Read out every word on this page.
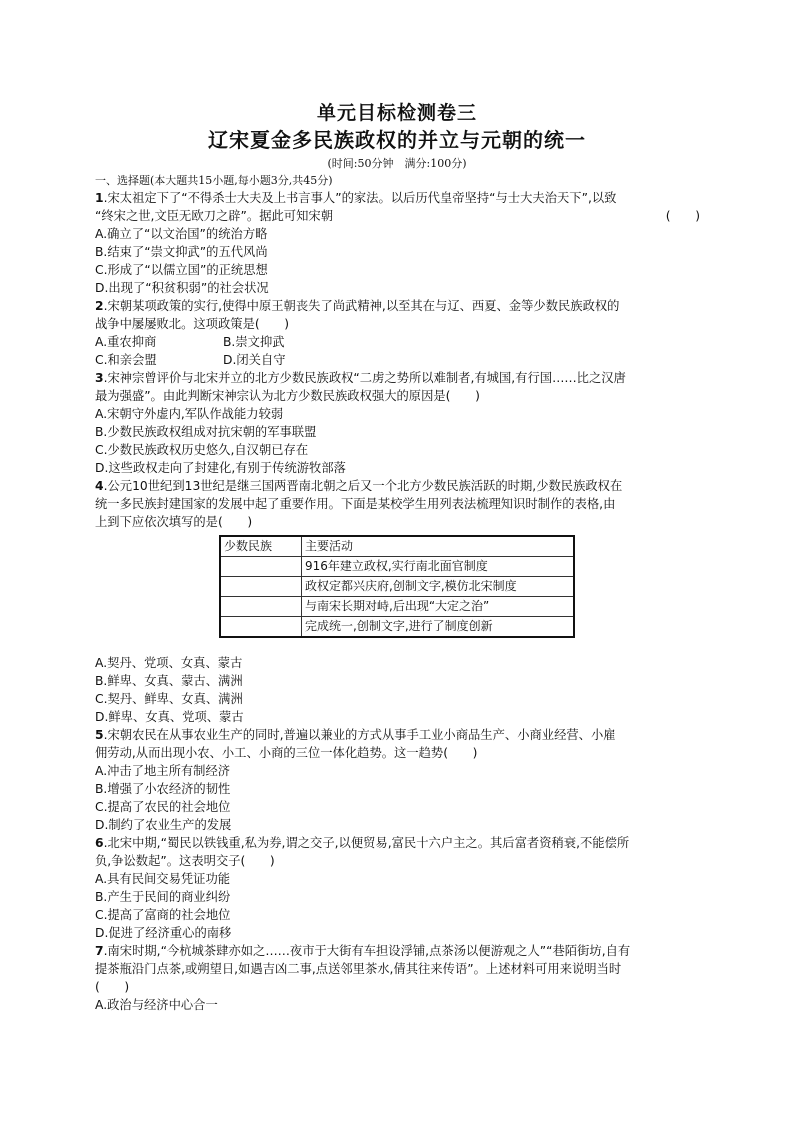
单元目标检测卷三
辽宋夏金多民族政权的并立与元朝的统一
(时间:50分钟　满分:100分)
一、选择题(本大题共15小题,每小题3分,共45分)
1.宋太祖定下了“不得杀士大夫及上书言事人”的家法。以后历代皇帝坚持“与士大夫治天下”,以致
“终宋之世,文臣无欧刀之辟”。据此可知宋朝	(　　)
A.确立了“以文治国”的统治方略
B.结束了“崇文抑武”的五代风尚
C.形成了“以儒立国”的正统思想
D.出现了“积贫积弱”的社会状况
2.宋朝某项政策的实行,使得中原王朝丧失了尚武精神,以至其在与辽、西夏、金等少数民族政权的
战争中屡屡败北。这项政策是(　　)
A.重农抑商	B.崇文抑武
C.和亲会盟	D.闭关自守
3.宋神宗曾评价与北宋并立的北方少数民族政权“二虏之势所以难制者,有城国,有行国……比之汉唐
最为强盛”。由此判断宋神宗认为北方少数民族政权强大的原因是(　　)
A.宋朝守外虚内,军队作战能力较弱
B.少数民族政权组成对抗宋朝的军事联盟
C.少数民族政权历史悠久,自汉朝已存在
D.这些政权走向了封建化,有别于传统游牧部落
4.公元10世纪到13世纪是继三国两晋南北朝之后又一个北方少数民族活跃的时期,少数民族政权在
统一多民族封建国家的发展中起了重要作用。下面是某校学生用列表法梳理知识时制作的表格,由
上到下应依次填写的是(　　)
少数民族	主要活动
	916年建立政权,实行南北面官制度
	政权定都兴庆府,创制文字,模仿北宋制度
	与南宋长期对峙,后出现“大定之治”
	完成统一,创制文字,进行了制度创新
A.契丹、党项、女真、蒙古
B.鲜卑、女真、蒙古、满洲
C.契丹、鲜卑、女真、满洲
D.鲜卑、女真、党项、蒙古
5.宋朝农民在从事农业生产的同时,普遍以兼业的方式从事手工业小商品生产、小商业经营、小雇
佣劳动,从而出现小农、小工、小商的三位一体化趋势。这一趋势(　　)
A.冲击了地主所有制经济
B.增强了小农经济的韧性
C.提高了农民的社会地位
D.制约了农业生产的发展
6.北宋中期,“蜀民以铁钱重,私为券,谓之交子,以便贸易,富民十六户主之。其后富者资稍衰,不能偿所
负,争讼数起”。这表明交子(　　)
A.具有民间交易凭证功能
B.产生于民间的商业纠纷
C.提高了富商的社会地位
D.促进了经济重心的南移
7.南宋时期,“今杭城茶肆亦如之……夜市于大街有车担设浮铺,点茶汤以便游观之人”“巷陌街坊,自有
提茶瓶沿门点茶,或朔望日,如遇吉凶二事,点送邻里茶水,倩其往来传语”。上述材料可用来说明当时
(　　)
A.政治与经济中心合一
